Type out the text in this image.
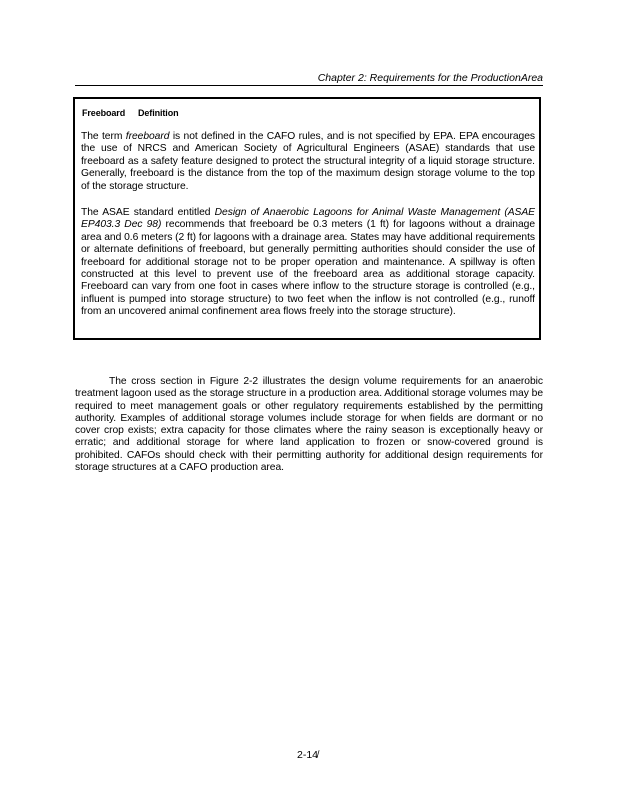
Chapter 2: Requirements for the ProductionArea
Freeboard Definition

The term freeboard is not defined in the CAFO rules, and is not specified by EPA. EPA encourages the use of NRCS and American Society of Agricultural Engineers (ASAE) standards that use freeboard as a safety feature designed to protect the structural integrity of a liquid storage structure. Generally, freeboard is the distance from the top of the maximum design storage volume to the top of the storage structure.

The ASAE standard entitled Design of Anaerobic Lagoons for Animal Waste Management (ASAE EP403.3 Dec 98) recommends that freeboard be 0.3 meters (1 ft) for lagoons without a drainage area and 0.6 meters (2 ft) for lagoons with a drainage area. States may have additional requirements or alternate definitions of freeboard, but generally permitting authorities should consider the use of freeboard for additional storage not to be proper operation and maintenance. A spillway is often constructed at this level to prevent use of the freeboard area as additional storage capacity. Freeboard can vary from one foot in cases where inflow to the structure storage is controlled (e.g., influent is pumped into storage structure) to two feet when the inflow is not controlled (e.g., runoff from an uncovered animal confinement area flows freely into the storage structure).

The cross section in Figure 2-2 illustrates the design volume requirements for an anaerobic treatment lagoon used as the storage structure in a production area. Additional storage volumes may be required to meet management goals or other regulatory requirements established by the permitting authority. Examples of additional storage volumes include storage for when fields are dormant or no cover crop exists; extra capacity for those climates where the rainy season is exceptionally heavy or erratic; and additional storage for where land application to frozen or snow-covered ground is prohibited. CAFOs should check with their permitting authority for additional design requirements for storage structures at a CAFO production area.

2-14̸
